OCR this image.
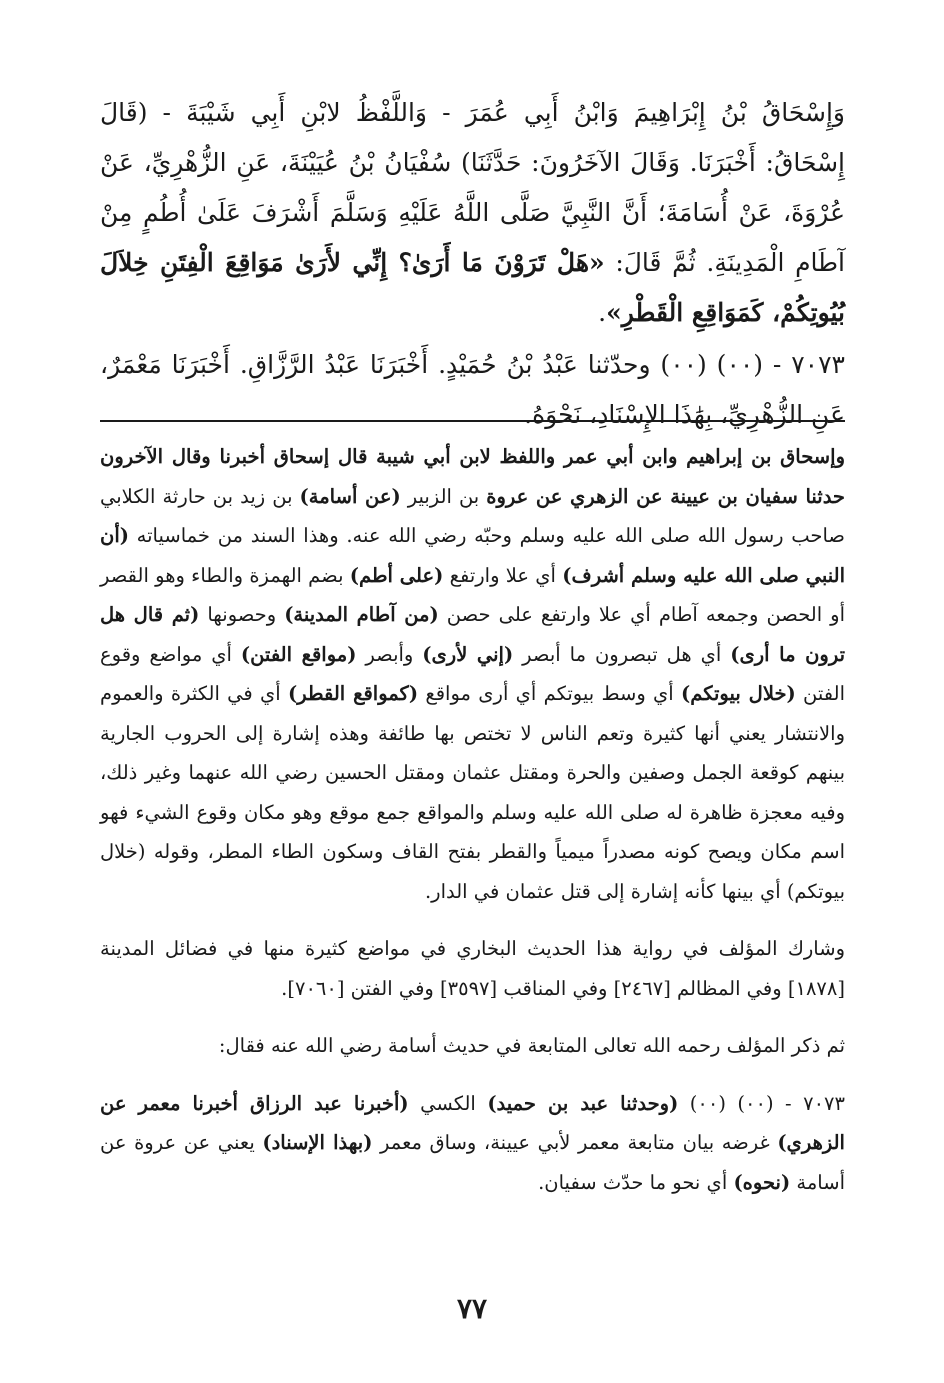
وَإِسْحَاقُ بْنُ إِبْرَاهِيمَ وَابْنُ أَبِي عُمَرَ - وَاللَّفْظُ لابْنِ أَبِي شَيْبَةَ - (قَالَ إِسْحَاقُ: أَخْبَرَنَا. وَقَالَ الآخَرُونَ: حَدَّثَنَا) سُفْيَانُ بْنُ عُيَيْنَةَ، عَنِ الزُّهْرِيِّ، عَنْ عُرْوَةَ، عَنْ أُسَامَةَ؛ أَنَّ النَّبِيَّ صَلَّى اللَّهُ عَلَيْهِ وَسَلَّمَ أَشْرَفَ عَلَىٰ أُطُمٍ مِنْ آطَامِ الْمَدِينَةِ. ثُمَّ قَالَ: «هَلْ تَرَوْنَ مَا أَرَىٰ؟ إِنِّي لأَرَىٰ مَوَاقِعَ الْفِتَنِ خِلاَلَ بُيُوتِكُمْ، كَمَوَاقِعِ الْقَطْرِ».

٧٠٧٣ - (٠٠) (٠٠) وحدّثنا عَبْدُ بْنُ حُمَيْدٍ. أَخْبَرَنَا عَبْدُ الرَّزَّاقِ. أَخْبَرَنَا مَعْمَرٌ، عَنِ الزُّهْرِيِّ، بِهَٰذَا الإِسْنَادِ، نَحْوَهُ.

وإسحاق بن إبراهيم وابن أبي عمر واللفظ لابن أبي شيبة قال إسحاق أخبرنا وقال الآخرون حدثنا سفيان بن عيينة عن الزهري عن عروة بن الزبير (عن أسامة) بن زيد بن حارثة الكلابي صاحب رسول الله صلى الله عليه وسلم وحبّه رضي الله عنه. وهذا السند من خماسياته (أن النبي صلى الله عليه وسلم أشرف) أي علا وارتفع (على أطم) بضم الهمزة والطاء وهو القصر أو الحصن وجمعه آطام أي علا وارتفع على حصن (من آطام المدينة) وحصونها (ثم قال هل ترون ما أرى) أي هل تبصرون ما أبصر (إني لأرى) وأبصر (مواقع الفتن) أي مواضع وقوع الفتن (خلال بيوتكم) أي وسط بيوتكم أي أرى مواقع (كمواقع القطر) أي في الكثرة والعموم والانتشار يعني أنها كثيرة وتعم الناس لا تختص بها طائفة وهذه إشارة إلى الحروب الجارية بينهم كوقعة الجمل وصفين والحرة ومقتل عثمان ومقتل الحسين رضي الله عنهما وغير ذلك، وفيه معجزة ظاهرة له صلى الله عليه وسلم والمواقع جمع موقع وهو مكان وقوع الشيء فهو اسم مكان ويصح كونه مصدراً ميمياً والقطر بفتح القاف وسكون الطاء المطر، وقوله (خلال بيوتكم) أي بينها كأنه إشارة إلى قتل عثمان في الدار.

وشارك المؤلف في رواية هذا الحديث البخاري في مواضع كثيرة منها في فضائل المدينة [١٨٧٨] وفي المظالم [٢٤٦٧] وفي المناقب [٣٥٩٧] وفي الفتن [٧٠٦٠].

ثم ذكر المؤلف رحمه الله تعالى المتابعة في حديث أسامة رضي الله عنه فقال:

٧٠٧٣ - (٠٠) (٠٠) (وحدثنا عبد بن حميد) الكسي (أخبرنا عبد الرزاق أخبرنا معمر عن الزهري) غرضه بيان متابعة معمر لأبي عيينة، وساق معمر (بهذا الإسناد) يعني عن عروة عن أسامة (نحوه) أي نحو ما حدّث سفيان.

٧٧
